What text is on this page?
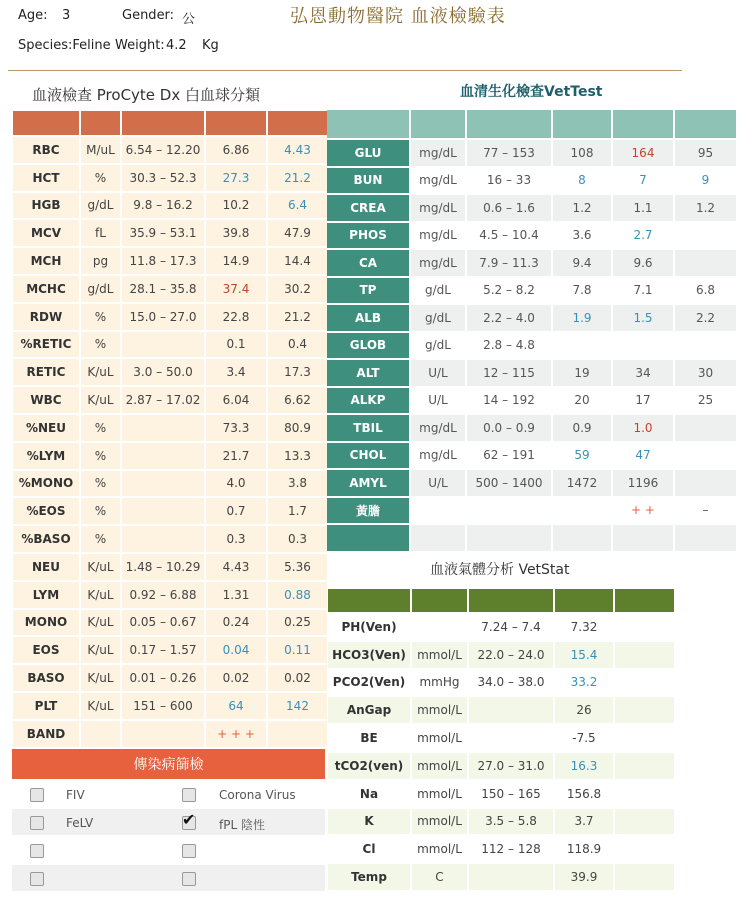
Age: 3	Gender: 公	弘恩動物醫院 血液檢驗表
Species:Feline Weight: 4.2 Kg
血液檢查 ProCyte Dx 白血球分類	血清生化檢查VetTest
血液氣體分析 VetStat

RBC	M/uL	6.54 – 12.20	6.86	4.43
HCT	%	30.3 – 52.3	27.3	21.2
HGB	g/dL	9.8 – 16.2	10.2	6.4
MCV	fL	35.9 – 53.1	39.8	47.9
MCH	pg	11.8 – 17.3	14.9	14.4
MCHC	g/dL	28.1 – 35.8	37.4	30.2
RDW	%	15.0 – 27.0	22.8	21.2
%RETIC	%		0.1	0.4
RETIC	K/uL	3.0 – 50.0	3.4	17.3
WBC	K/uL	2.87 – 17.02	6.04	6.62
%NEU	%		73.3	80.9
%LYM	%		21.7	13.3
%MONO	%		4.0	3.8
%EOS	%		0.7	1.7
%BASO	%		0.3	0.3
NEU	K/uL	1.48 – 10.29	4.43	5.36
LYM	K/uL	0.92 – 6.88	1.31	0.88
MONO	K/uL	0.05 – 0.67	0.24	0.25
EOS	K/uL	0.17 – 1.57	0.04	0.11
BASO	K/uL	0.01 – 0.26	0.02	0.02
PLT	K/uL	151 – 600	64	142
BAND			+ + +	

GLU	mg/dL	77 – 153	108	164	95
BUN	mg/dL	16 – 33	8	7	9
CREA	mg/dL	0.6 – 1.6	1.2	1.1	1.2
PHOS	mg/dL	4.5 – 10.4	3.6	2.7	
CA	mg/dL	7.9 – 11.3	9.4	9.6	
TP	g/dL	5.2 – 8.2	7.8	7.1	6.8
ALB	g/dL	2.2 – 4.0	1.9	1.5	2.2
GLOB	g/dL	2.8 – 4.8			
ALT	U/L	12 – 115	19	34	30
ALKP	U/L	14 – 192	20	17	25
TBIL	mg/dL	0.0 – 0.9	0.9	1.0	
CHOL	mg/dL	62 – 191	59	47	
AMYL	U/L	500 – 1400	1472	1196	
黃膽				+ +	–

PH(Ven)		7.24 – 7.4	7.32	
HCO3(Ven)	mmol/L	22.0 – 24.0	15.4	
PCO2(Ven)	mmHg	34.0 – 38.0	33.2	
AnGap	mmol/L		26	
BE	mmol/L		-7.5	
tCO2(ven)	mmol/L	27.0 – 31.0	16.3	
Na	mmol/L	150 – 165	156.8	
K	mmol/L	3.5 – 5.8	3.7	
Cl	mmol/L	112 – 128	118.9	
Temp	C		39.9	
傳染病篩檢
FIV	Corona Virus
FeLV	✔ fPL 陰性
